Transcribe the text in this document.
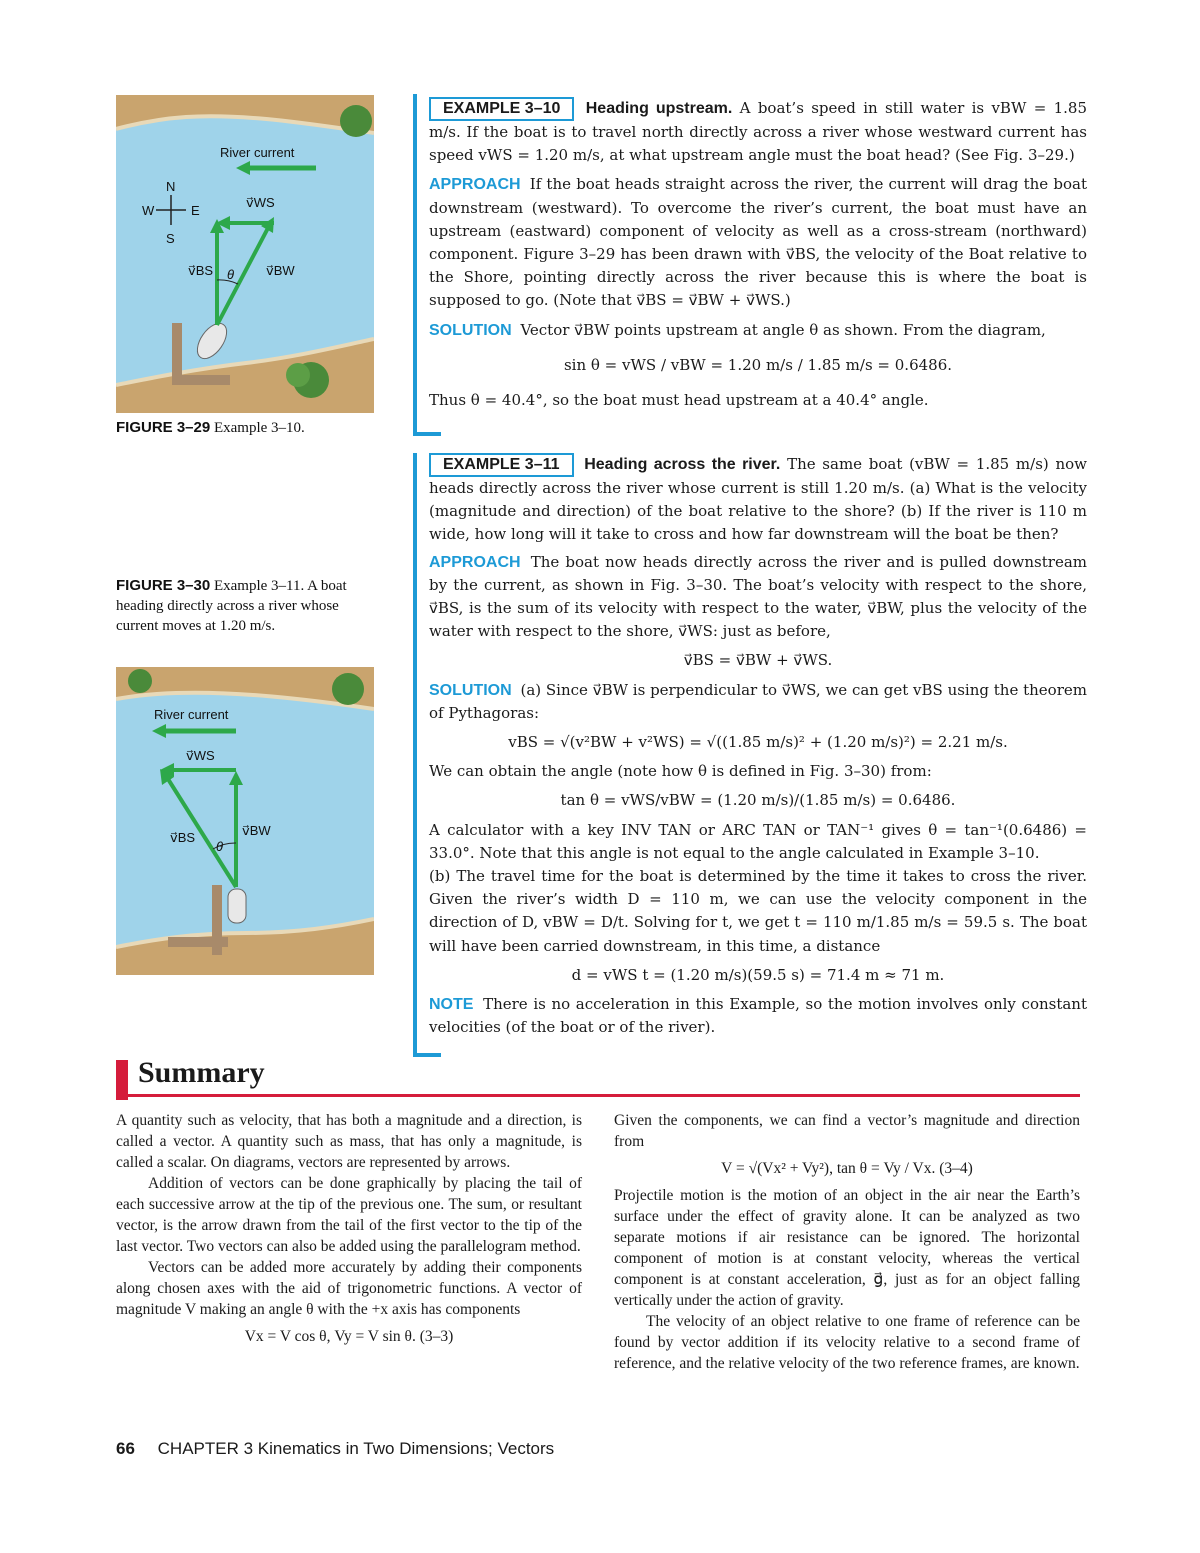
River current
N
S
E
W
v⃗WS
v⃗BS	v⃗BW
θ
FIGURE 3–29 Example 3–10.
FIGURE 3–30 Example 3–11. A boat heading directly across a river whose current moves at 1.20 m/s.
River current
v⃗WS
v⃗BS	v⃗BW
θ

EXAMPLE 3–10 Heading upstream. A boat’s speed in still water is vBW = 1.85 m/s. If the boat is to travel north directly across a river whose westward current has speed vWS = 1.20 m/s, at what upstream angle must the boat head? (See Fig. 3–29.)

APPROACH If the boat heads straight across the river, the current will drag the boat downstream (westward). To overcome the river’s current, the boat must have an upstream (eastward) component of velocity as well as a cross-stream (northward) component. Figure 3–29 has been drawn with v⃗BS, the velocity of the Boat relative to the Shore, pointing directly across the river because this is where the boat is supposed to go. (Note that v⃗BS = v⃗BW + v⃗WS.)

SOLUTION Vector v⃗BW points upstream at angle θ as shown. From the diagram,

sin θ = vWS / vBW = 1.20 m/s / 1.85 m/s = 0.6486.

Thus θ = 40.4°, so the boat must head upstream at a 40.4° angle.

EXAMPLE 3–11 Heading across the river. The same boat (vBW = 1.85 m/s) now heads directly across the river whose current is still 1.20 m/s. (a) What is the velocity (magnitude and direction) of the boat relative to the shore? (b) If the river is 110 m wide, how long will it take to cross and how far downstream will the boat be then?

APPROACH The boat now heads directly across the river and is pulled downstream by the current, as shown in Fig. 3–30. The boat’s velocity with respect to the shore, v⃗BS, is the sum of its velocity with respect to the water, v⃗BW, plus the velocity of the water with respect to the shore, v⃗WS: just as before,

v⃗BS = v⃗BW + v⃗WS.

SOLUTION (a) Since v⃗BW is perpendicular to v⃗WS, we can get vBS using the theorem of Pythagoras:

vBS = √(v²BW + v²WS) = √((1.85 m/s)² + (1.20 m/s)²) = 2.21 m/s.

We can obtain the angle (note how θ is defined in Fig. 3–30) from:

tan θ = vWS/vBW = (1.20 m/s)/(1.85 m/s) = 0.6486.

A calculator with a key INV TAN or ARC TAN or TAN⁻¹ gives θ = tan⁻¹(0.6486) = 33.0°. Note that this angle is not equal to the angle calculated in Example 3–10.

(b) The travel time for the boat is determined by the time it takes to cross the river. Given the river’s width D = 110 m, we can use the velocity component in the direction of D, vBW = D/t. Solving for t, we get t = 110 m/1.85 m/s = 59.5 s. The boat will have been carried downstream, in this time, a distance

d = vWS t = (1.20 m/s)(59.5 s) = 71.4 m ≈ 71 m.

NOTE There is no acceleration in this Example, so the motion involves only constant velocities (of the boat or of the river).

Summary

A quantity such as velocity, that has both a magnitude and a direction, is called a vector. A quantity such as mass, that has only a magnitude, is called a scalar. On diagrams, vectors are represented by arrows.

Addition of vectors can be done graphically by placing the tail of each successive arrow at the tip of the previous one. The sum, or resultant vector, is the arrow drawn from the tail of the first vector to the tip of the last vector. Two vectors can also be added using the parallelogram method.

Vectors can be added more accurately by adding their components along chosen axes with the aid of trigonometric functions. A vector of magnitude V making an angle θ with the +x axis has components

Vx = V cos θ, Vy = V sin θ. (3–3)

Given the components, we can find a vector’s magnitude and direction from

V = √(Vx² + Vy²), tan θ = Vy / Vx. (3–4)

Projectile motion is the motion of an object in the air near the Earth’s surface under the effect of gravity alone. It can be analyzed as two separate motions if air resistance can be ignored. The horizontal component of motion is at constant velocity, whereas the vertical component is at constant acceleration, g⃗, just as for an object falling vertically under the action of gravity.

The velocity of an object relative to one frame of reference can be found by vector addition if its velocity relative to a second frame of reference, and the relative velocity of the two reference frames, are known.

66 CHAPTER 3 Kinematics in Two Dimensions; Vectors
